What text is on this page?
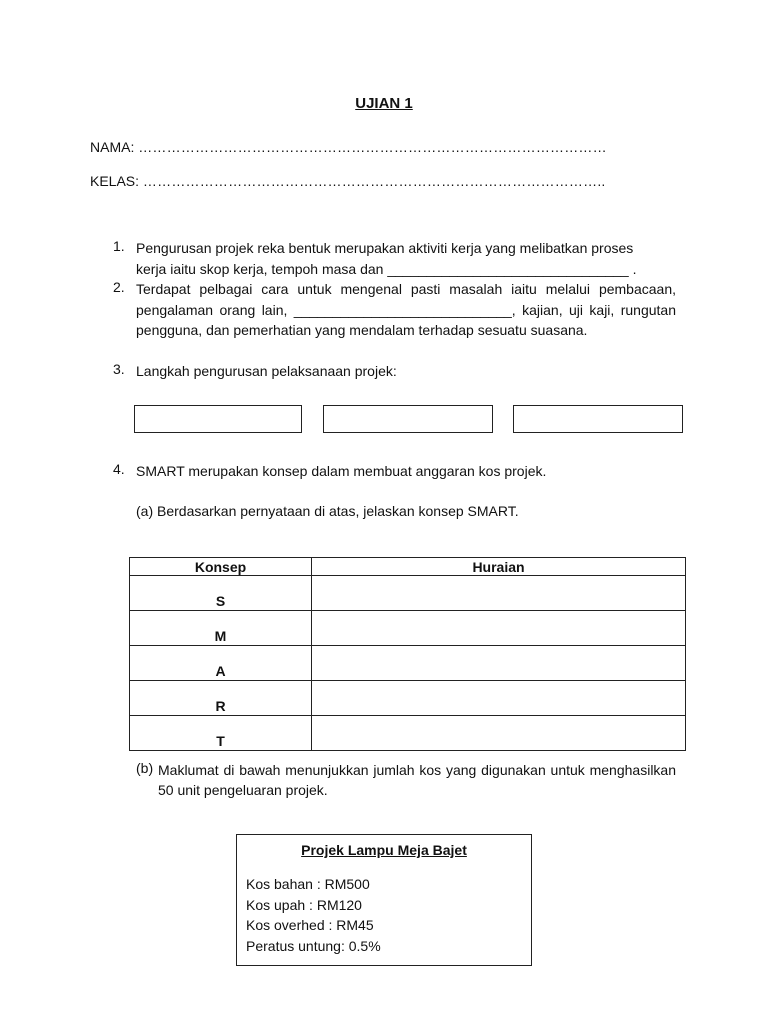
UJIAN 1
NAMA: ………………………………………………………………………………………
KELAS: ……………………………………………………………………………………..
1. Pengurusan projek reka bentuk merupakan aktiviti kerja yang melibatkan proses
kerja iaitu skop kerja, tempoh masa dan _______________________________ .
2. Terdapat pelbagai cara untuk mengenal pasti masalah iaitu melalui pembacaan, pengalaman orang lain, ____________________________, kajian, uji kaji, rungutan pengguna, dan pemerhatian yang mendalam terhadap sesuatu suasana.
3. Langkah pengurusan pelaksanaan projek:
4. SMART merupakan konsep dalam membuat anggaran kos projek.
(a) Berdasarkan pernyataan di atas, jelaskan konsep SMART.
Konsep	Huraian
S	
M	
A	
R	
T	
(b) Maklumat di bawah menunjukkan jumlah kos yang digunakan untuk menghasilkan 50 unit pengeluaran projek.
Projek Lampu Meja Bajet
Kos bahan : RM500
Kos upah : RM120
Kos overhed : RM45
Peratus untung: 0.5%
